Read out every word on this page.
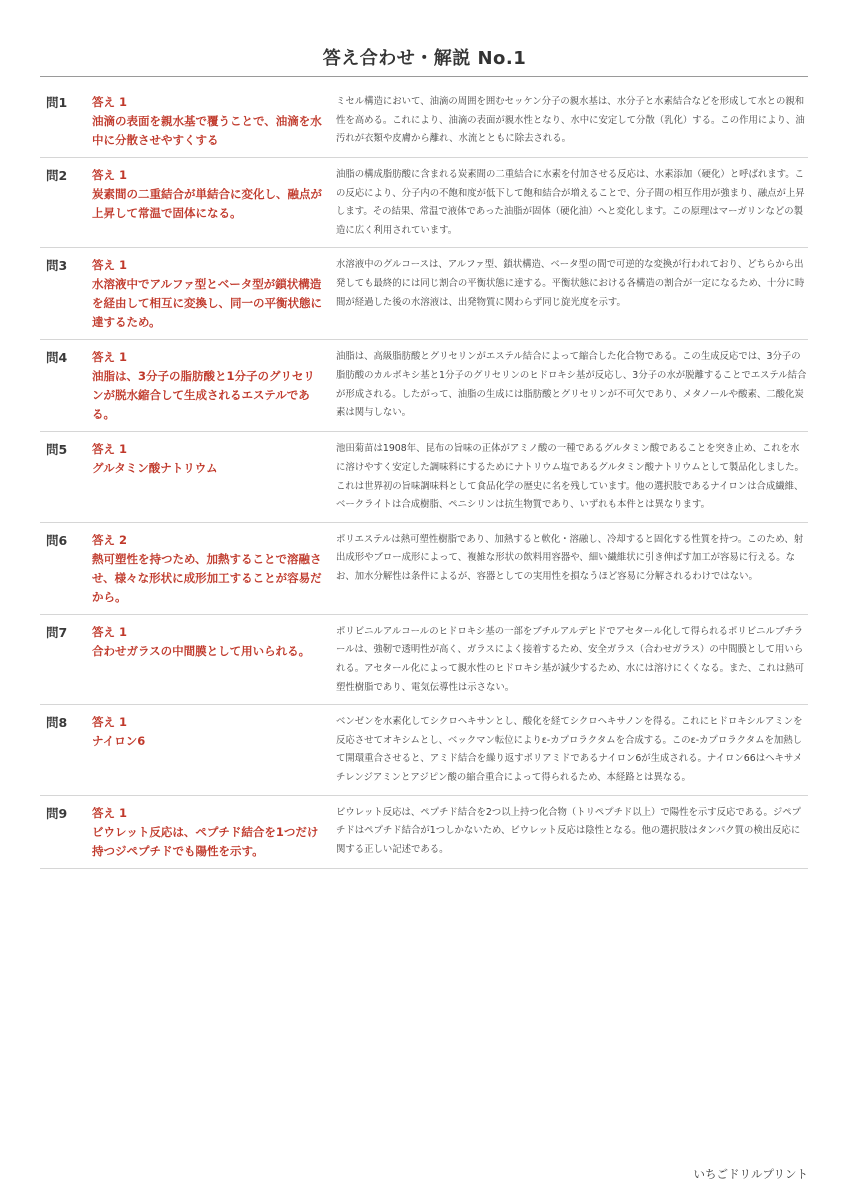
答え合わせ・解説 No.1
問1	答え 1
油滴の表面を親水基で覆うことで、油滴を水中に分散させやすくする
ミセル構造において、油滴の周囲を囲むセッケン分子の親水基は、水分子と水素結合などを形成して水との親和性を高める。これにより、油滴の表面が親水性となり、水中に安定して分散（乳化）する。この作用により、油汚れが衣類や皮膚から離れ、水流とともに除去される。
問2	答え 1
炭素間の二重結合が単結合に変化し、融点が上昇して常温で固体になる。
油脂の構成脂肪酸に含まれる炭素間の二重結合に水素を付加させる反応は、水素添加（硬化）と呼ばれます。この反応により、分子内の不飽和度が低下して飽和結合が増えることで、分子間の相互作用が強まり、融点が上昇します。その結果、常温で液体であった油脂が固体（硬化油）へと変化します。この原理はマーガリンなどの製造に広く利用されています。
問3	答え 1
水溶液中でアルファ型とベータ型が鎖状構造を経由して相互に変換し、同一の平衡状態に達するため。
水溶液中のグルコースは、アルファ型、鎖状構造、ベータ型の間で可逆的な変換が行われており、どちらから出発しても最終的には同じ割合の平衡状態に達する。平衡状態における各構造の割合が一定になるため、十分に時間が経過した後の水溶液は、出発物質に関わらず同じ旋光度を示す。
問4	答え 1
油脂は、3分子の脂肪酸と1分子のグリセリンが脱水縮合して生成されるエステルである。
油脂は、高級脂肪酸とグリセリンがエステル結合によって縮合した化合物である。この生成反応では、3分子の脂肪酸のカルボキシ基と1分子のグリセリンのヒドロキシ基が反応し、3分子の水が脱離することでエステル結合が形成される。したがって、油脂の生成には脂肪酸とグリセリンが不可欠であり、メタノールや酸素、二酸化炭素は関与しない。
問5	答え 1
グルタミン酸ナトリウム
池田菊苗は1908年、昆布の旨味の正体がアミノ酸の一種であるグルタミン酸であることを突き止め、これを水に溶けやすく安定した調味料にするためにナトリウム塩であるグルタミン酸ナトリウムとして製品化しました。これは世界初の旨味調味料として食品化学の歴史に名を残しています。他の選択肢であるナイロンは合成繊維、ベークライトは合成樹脂、ペニシリンは抗生物質であり、いずれも本件とは異なります。
問6	答え 2
熱可塑性を持つため、加熱することで溶融させ、様々な形状に成形加工することが容易だから。
ポリエステルは熱可塑性樹脂であり、加熱すると軟化・溶融し、冷却すると固化する性質を持つ。このため、射出成形やブロー成形によって、複雑な形状の飲料用容器や、細い繊維状に引き伸ばす加工が容易に行える。なお、加水分解性は条件によるが、容器としての実用性を損なうほど容易に分解されるわけではない。
問7	答え 1
合わせガラスの中間膜として用いられる。
ポリビニルアルコールのヒドロキシ基の一部をブチルアルデヒドでアセタール化して得られるポリビニルブチラールは、強靭で透明性が高く、ガラスによく接着するため、安全ガラス（合わせガラス）の中間膜として用いられる。アセタール化によって親水性のヒドロキシ基が減少するため、水には溶けにくくなる。また、これは熱可塑性樹脂であり、電気伝導性は示さない。
問8	答え 1
ナイロン6
ベンゼンを水素化してシクロヘキサンとし、酸化を経てシクロヘキサノンを得る。これにヒドロキシルアミンを反応させてオキシムとし、ベックマン転位によりε-カプロラクタムを合成する。このε-カプロラクタムを加熱して開環重合させると、アミド結合を繰り返すポリアミドであるナイロン6が生成される。ナイロン66はヘキサメチレンジアミンとアジピン酸の縮合重合によって得られるため、本経路とは異なる。
問9	答え 1
ビウレット反応は、ペプチド結合を1つだけ持つジペプチドでも陽性を示す。
ビウレット反応は、ペプチド結合を2つ以上持つ化合物（トリペプチド以上）で陽性を示す反応である。ジペプチドはペプチド結合が1つしかないため、ビウレット反応は陰性となる。他の選択肢はタンパク質の検出反応に関する正しい記述である。
いちごドリルプリント
